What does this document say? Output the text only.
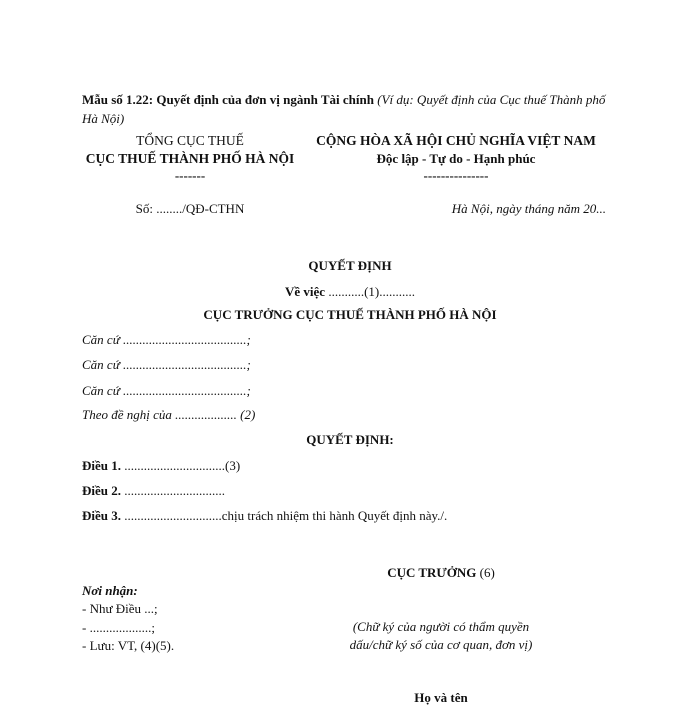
Mẫu số 1.22: Quyết định của đơn vị ngành Tài chính (Ví dụ: Quyết định của Cục thuế Thành phố Hà Nội)
TỔNG CỤC THUẾ
CỤC THUẾ THÀNH PHỐ HÀ NỘI
-------
Số: ......../QĐ-CTHN
CỘNG HÒA XÃ HỘI CHỦ NGHĨA VIỆT NAM
Độc lập - Tự do - Hạnh phúc
---------------
Hà Nội, ngày tháng năm 20...
QUYẾT ĐỊNH
Về việc ...........(1)...........
CỤC TRƯỞNG CỤC THUẾ THÀNH PHỐ HÀ NỘI
Căn cứ ......................................;
Căn cứ ......................................;
Căn cứ ......................................;
Theo đề nghị của ................... (2)
QUYẾT ĐỊNH:
Điều 1. ...............................(3)
Điều 2. ...............................
Điều 3. ..............................chịu trách nhiệm thi hành Quyết định này./.
Nơi nhận:
- Như Điều ...;
- ...................;
- Lưu: VT, (4)(5).
CỤC TRƯỞNG (6)
(Chữ ký của người có thẩm quyền
dấu/chữ ký số của cơ quan, đơn vị)
Họ và tên
